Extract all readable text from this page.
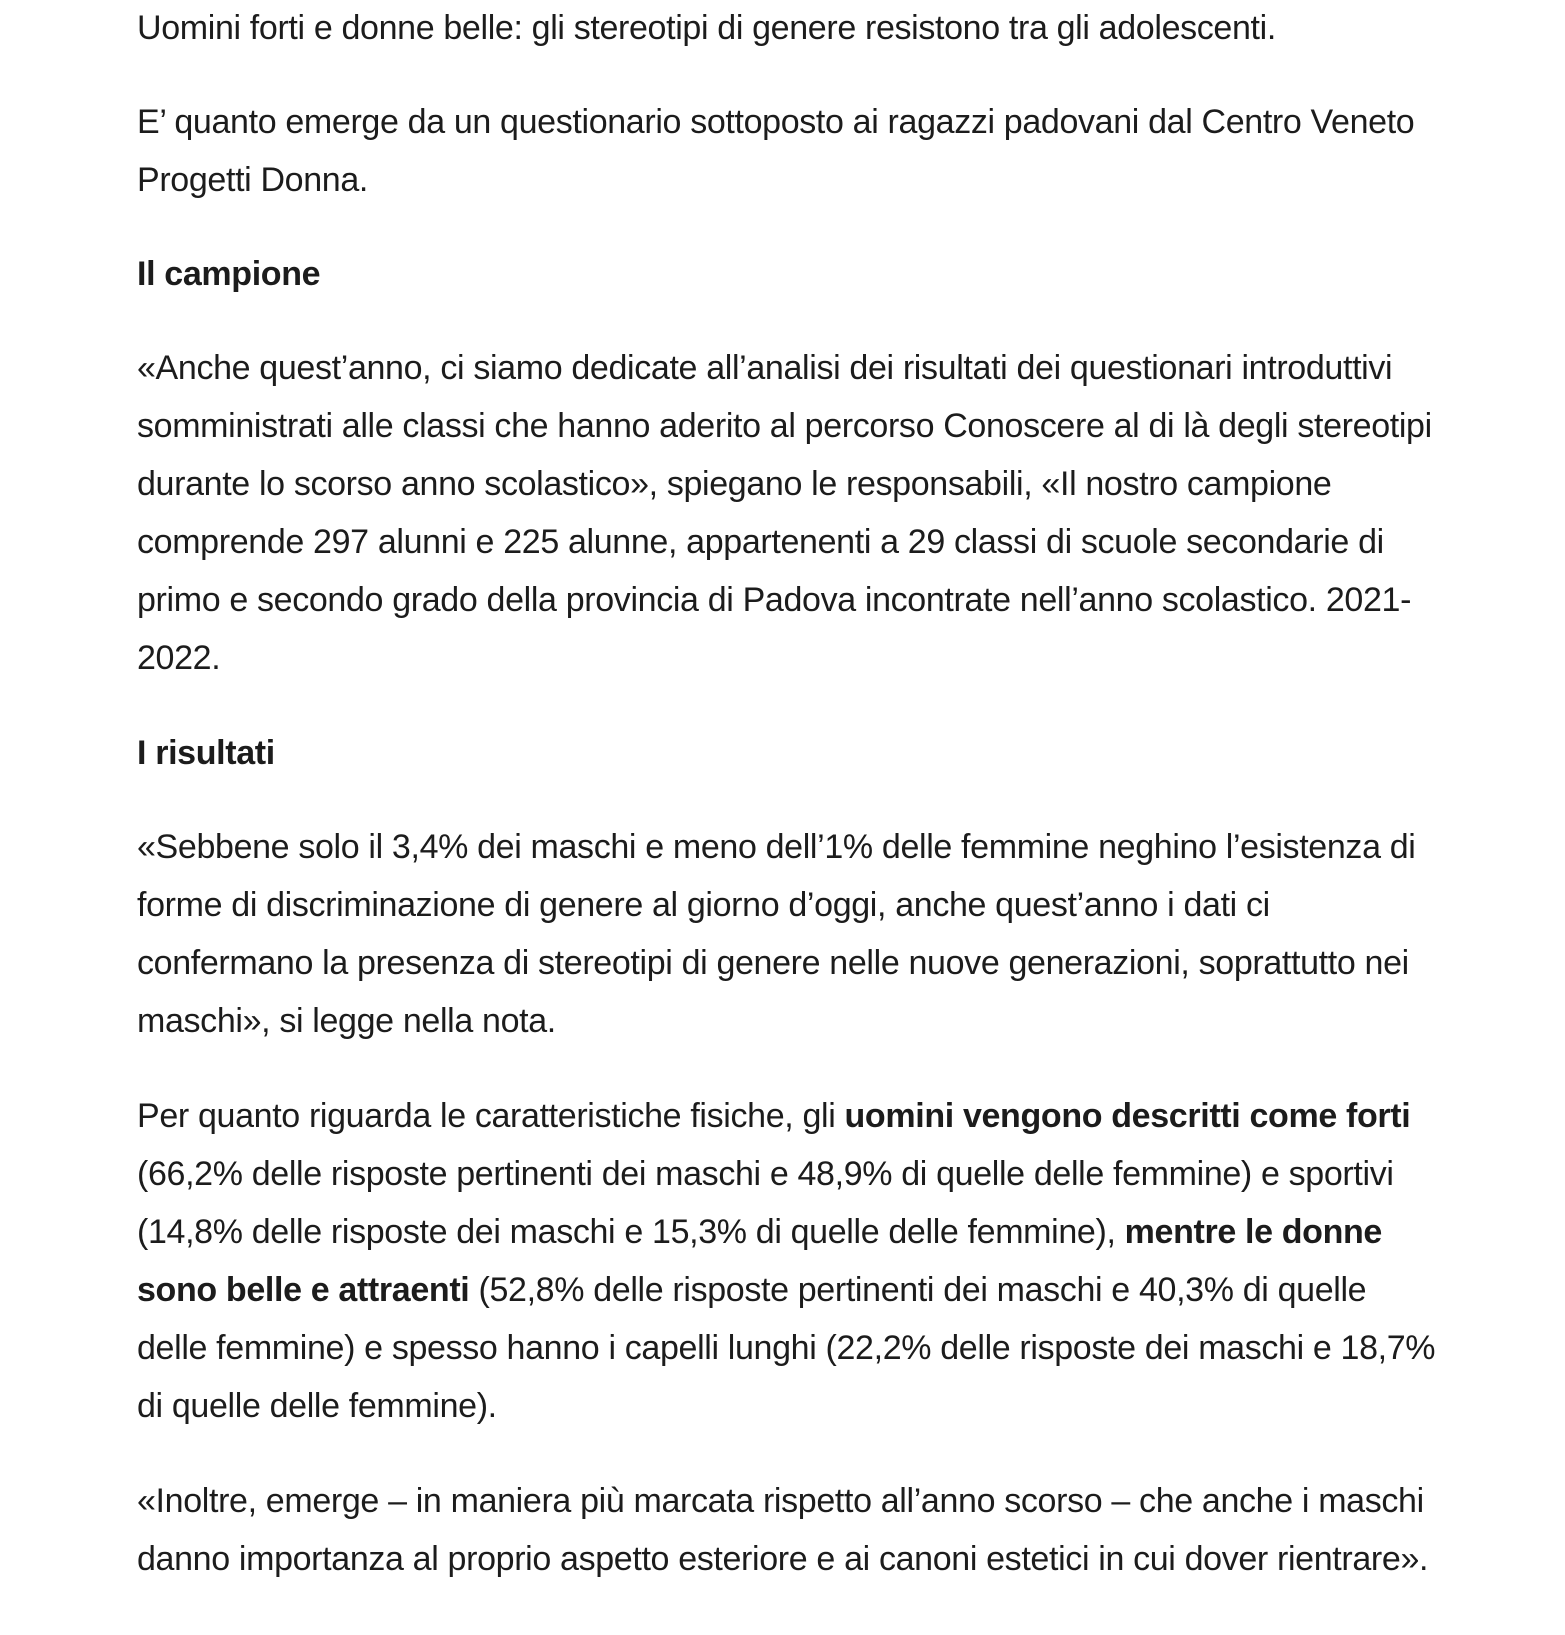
Uomini forti e donne belle: gli stereotipi di genere resistono tra gli adolescenti.

E’ quanto emerge da un questionario sottoposto ai ragazzi padovani dal Centro Veneto Progetti Donna.

Il campione

«Anche quest’anno, ci siamo dedicate all’analisi dei risultati dei questionari introduttivi somministrati alle classi che hanno aderito al percorso Conoscere al di là degli stereotipi durante lo scorso anno scolastico», spiegano le responsabili, «Il nostro campione comprende 297 alunni e 225 alunne, appartenenti a 29 classi di scuole secondarie di primo e secondo grado della provincia di Padova incontrate nell’anno scolastico. 2021-2022.

I risultati

«Sebbene solo il 3,4% dei maschi e meno dell’1% delle femmine neghino l’esistenza di forme di discriminazione di genere al giorno d’oggi, anche quest’anno i dati ci confermano la presenza di stereotipi di genere nelle nuove generazioni, soprattutto nei maschi», si legge nella nota.

Per quanto riguarda le caratteristiche fisiche, gli uomini vengono descritti come forti (66,2% delle risposte pertinenti dei maschi e 48,9% di quelle delle femmine) e sportivi (14,8% delle risposte dei maschi e 15,3% di quelle delle femmine), mentre le donne sono belle e attraenti (52,8% delle risposte pertinenti dei maschi e 40,3% di quelle delle femmine) e spesso hanno i capelli lunghi (22,2% delle risposte dei maschi e 18,7% di quelle delle femmine).

«Inoltre, emerge – in maniera più marcata rispetto all’anno scorso – che anche i maschi danno importanza al proprio aspetto esteriore e ai canoni estetici in cui dover rientrare».
